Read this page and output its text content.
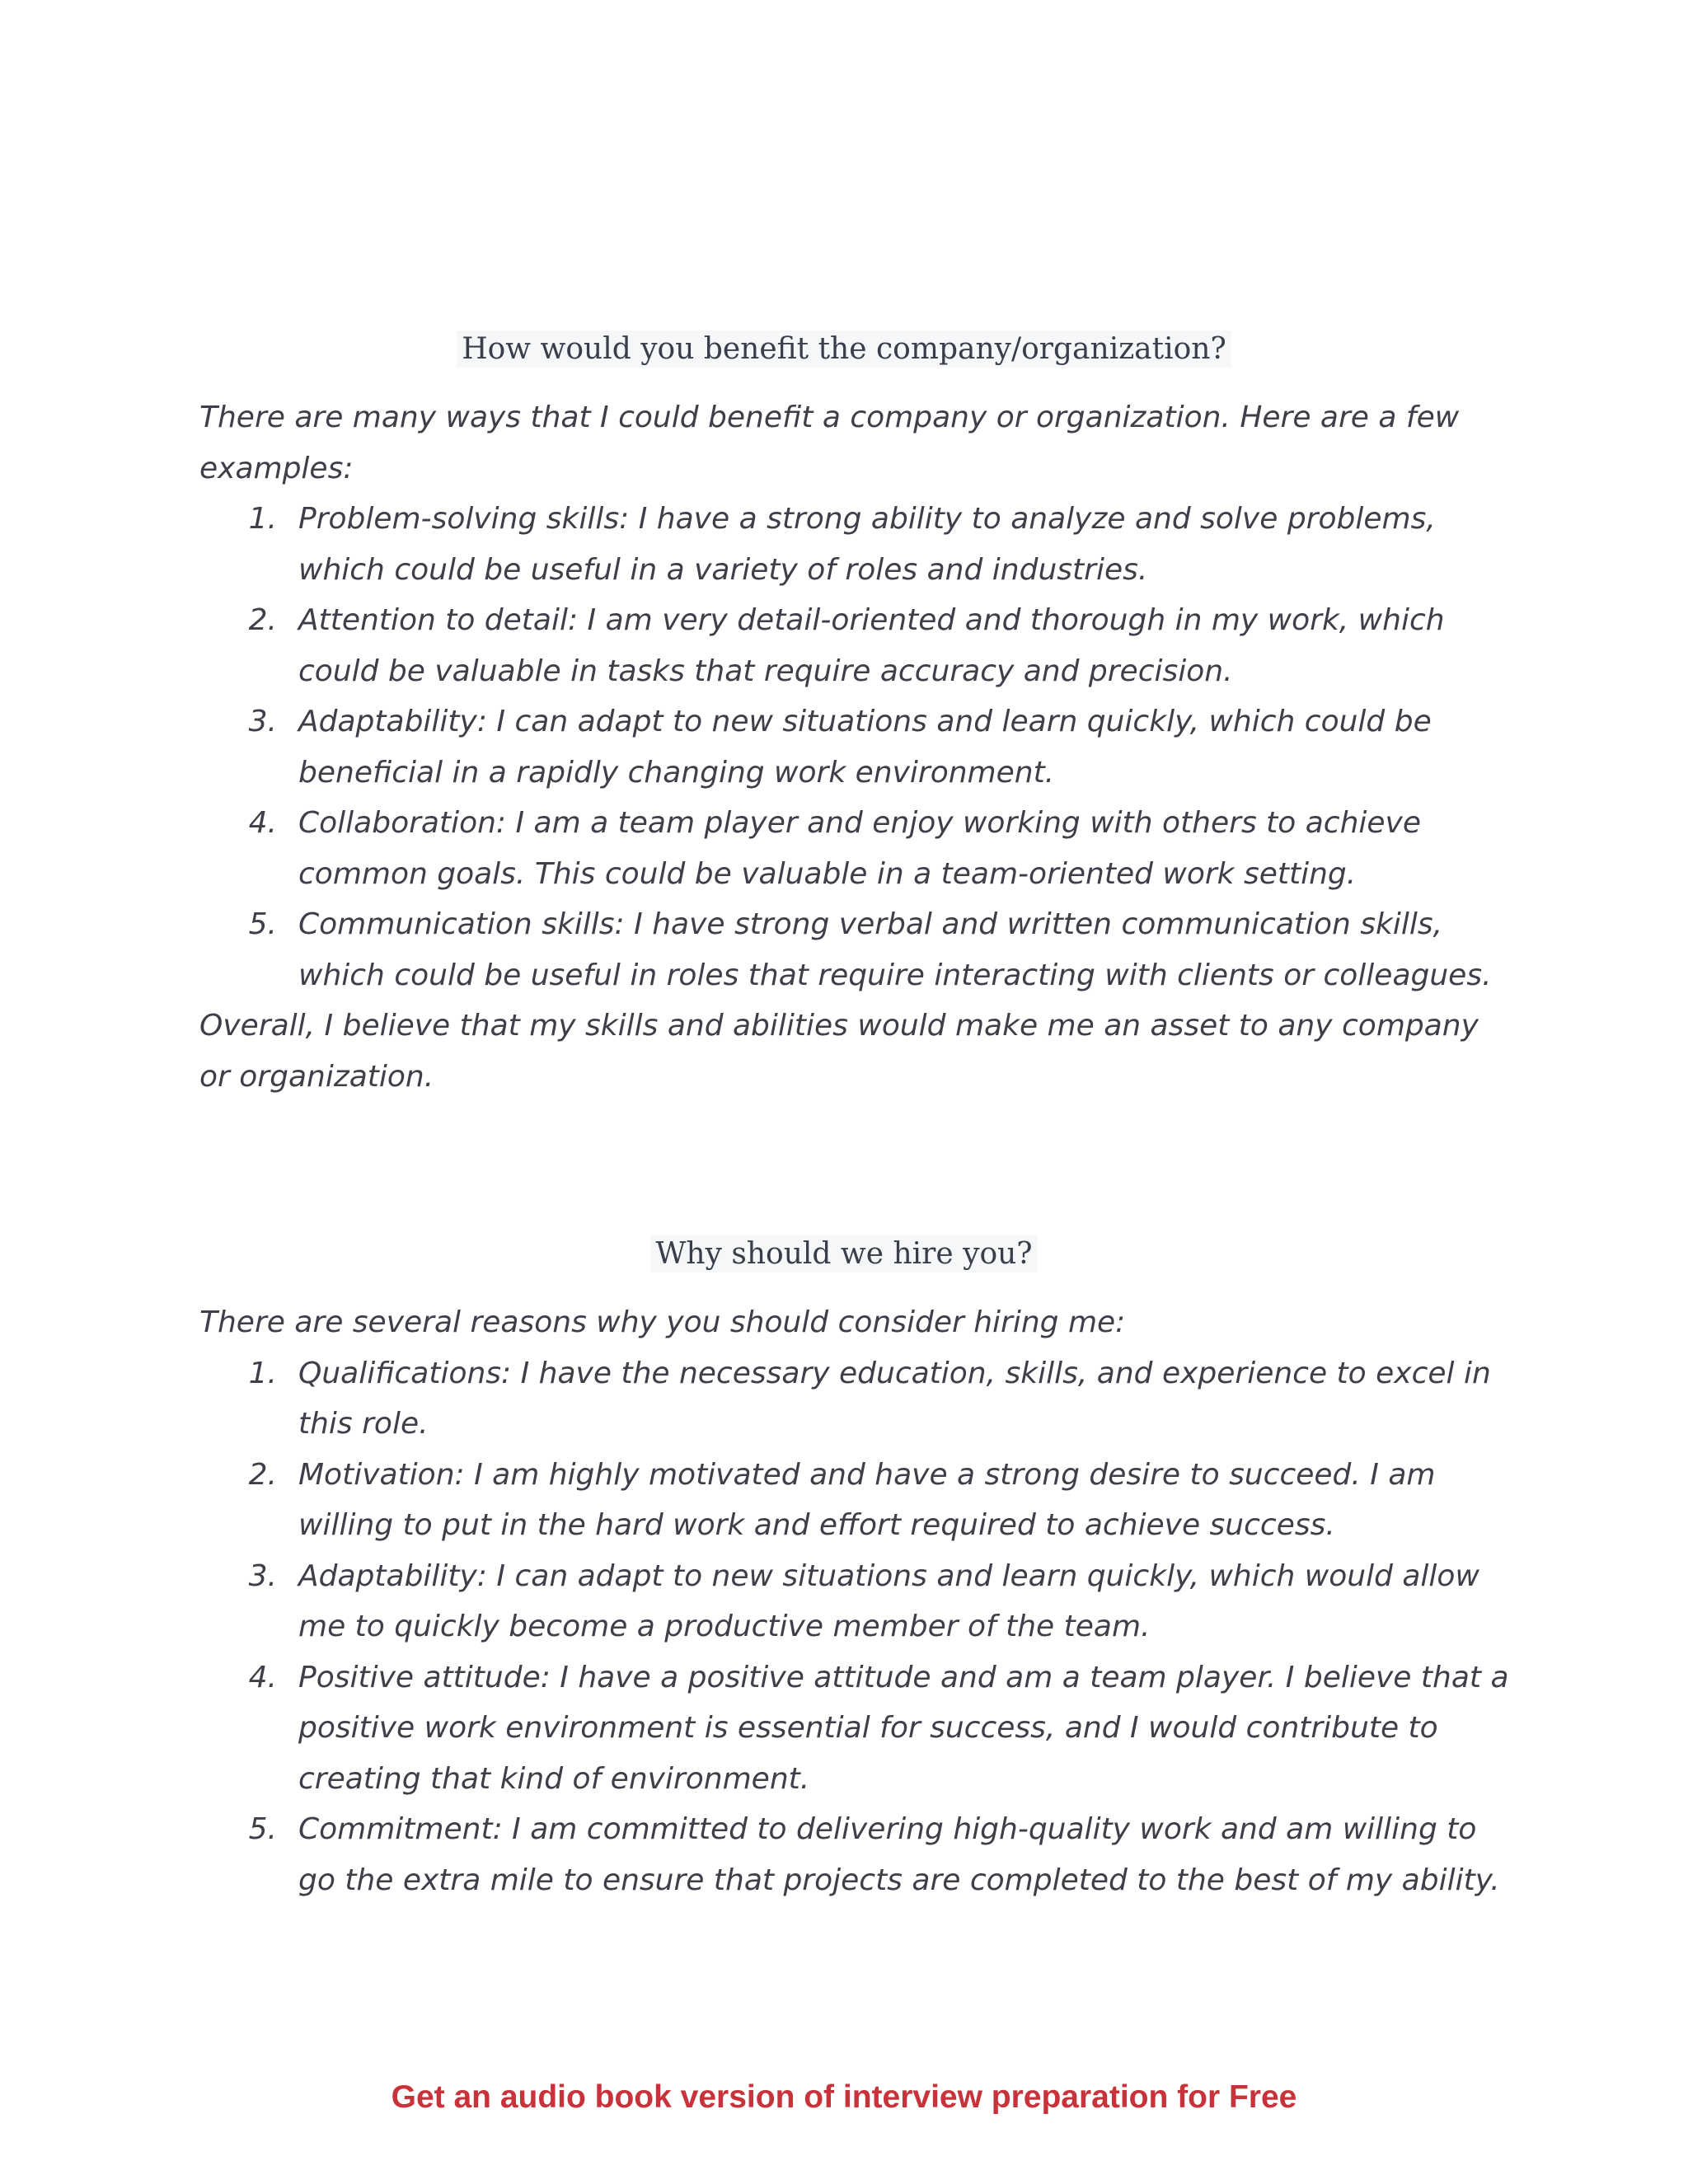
How would you benefit the company/organization?

There are many ways that I could benefit a company or organization. Here are a few examples:

1. Problem-solving skills: I have a strong ability to analyze and solve problems, which could be useful in a variety of roles and industries.
2. Attention to detail: I am very detail-oriented and thorough in my work, which could be valuable in tasks that require accuracy and precision.
3. Adaptability: I can adapt to new situations and learn quickly, which could be beneficial in a rapidly changing work environment.
4. Collaboration: I am a team player and enjoy working with others to achieve common goals. This could be valuable in a team-oriented work setting.
5. Communication skills: I have strong verbal and written communication skills, which could be useful in roles that require interacting with clients or colleagues.

Overall, I believe that my skills and abilities would make me an asset to any company or organization.

Why should we hire you?

There are several reasons why you should consider hiring me:

1. Qualifications: I have the necessary education, skills, and experience to excel in this role.
2. Motivation: I am highly motivated and have a strong desire to succeed. I am willing to put in the hard work and effort required to achieve success.
3. Adaptability: I can adapt to new situations and learn quickly, which would allow me to quickly become a productive member of the team.
4. Positive attitude: I have a positive attitude and am a team player. I believe that a positive work environment is essential for success, and I would contribute to creating that kind of environment.
5. Commitment: I am committed to delivering high-quality work and am willing to go the extra mile to ensure that projects are completed to the best of my ability.
Get an audio book version of interview preparation for Free
